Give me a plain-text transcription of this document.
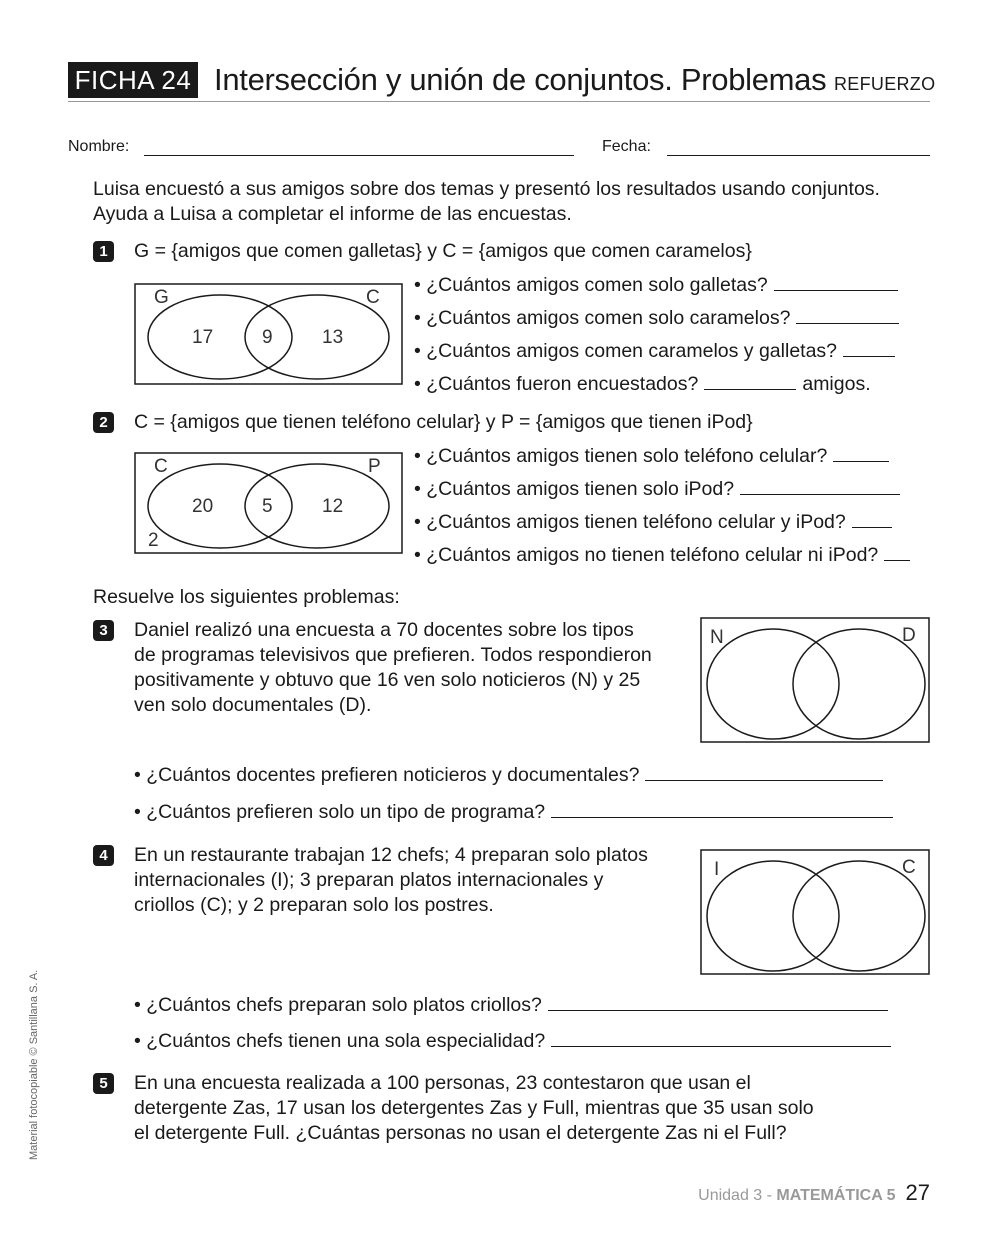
FICHA 24 Intersección y unión de conjuntos. Problemas REFUERZO
Nombre:	Fecha:
Luisa encuestó a sus amigos sobre dos temas y presentó los resultados usando conjuntos.
Ayuda a Luisa a completar el informe de las encuestas.
1	G = {amigos que comen galletas} y C = {amigos que comen caramelos}
G	C
17	9	13
• ¿Cuántos amigos comen solo galletas?
• ¿Cuántos amigos comen solo caramelos?
• ¿Cuántos amigos comen caramelos y galletas?
• ¿Cuántos fueron encuestados?	amigos.
2	C = {amigos que tienen teléfono celular} y P = {amigos que tienen iPod}
C	P
20	5	12
2
• ¿Cuántos amigos tienen solo teléfono celular?
• ¿Cuántos amigos tienen solo iPod?
• ¿Cuántos amigos tienen teléfono celular y iPod?
• ¿Cuántos amigos no tienen teléfono celular ni iPod?
Resuelve los siguientes problemas:
3	Daniel realizó una encuesta a 70 docentes sobre los tipos
de programas televisivos que prefieren. Todos respondieron
positivamente y obtuvo que 16 ven solo noticieros (N) y 25
ven solo documentales (D).
N	D
• ¿Cuántos docentes prefieren noticieros y documentales?
• ¿Cuántos prefieren solo un tipo de programa?
4	En un restaurante trabajan 12 chefs; 4 preparan solo platos
internacionales (I); 3 preparan platos internacionales y
criollos (C); y 2 preparan solo los postres.
I	C
• ¿Cuántos chefs preparan solo platos criollos?
• ¿Cuántos chefs tienen una sola especialidad?
5	En una encuesta realizada a 100 personas, 23 contestaron que usan el
detergente Zas, 17 usan los detergentes Zas y Full, mientras que 35 usan solo
el detergente Full. ¿Cuántas personas no usan el detergente Zas ni el Full?
Material fotocopiable © Santillana S. A.
Unidad 3 - MATEMÁTICA 5 27
